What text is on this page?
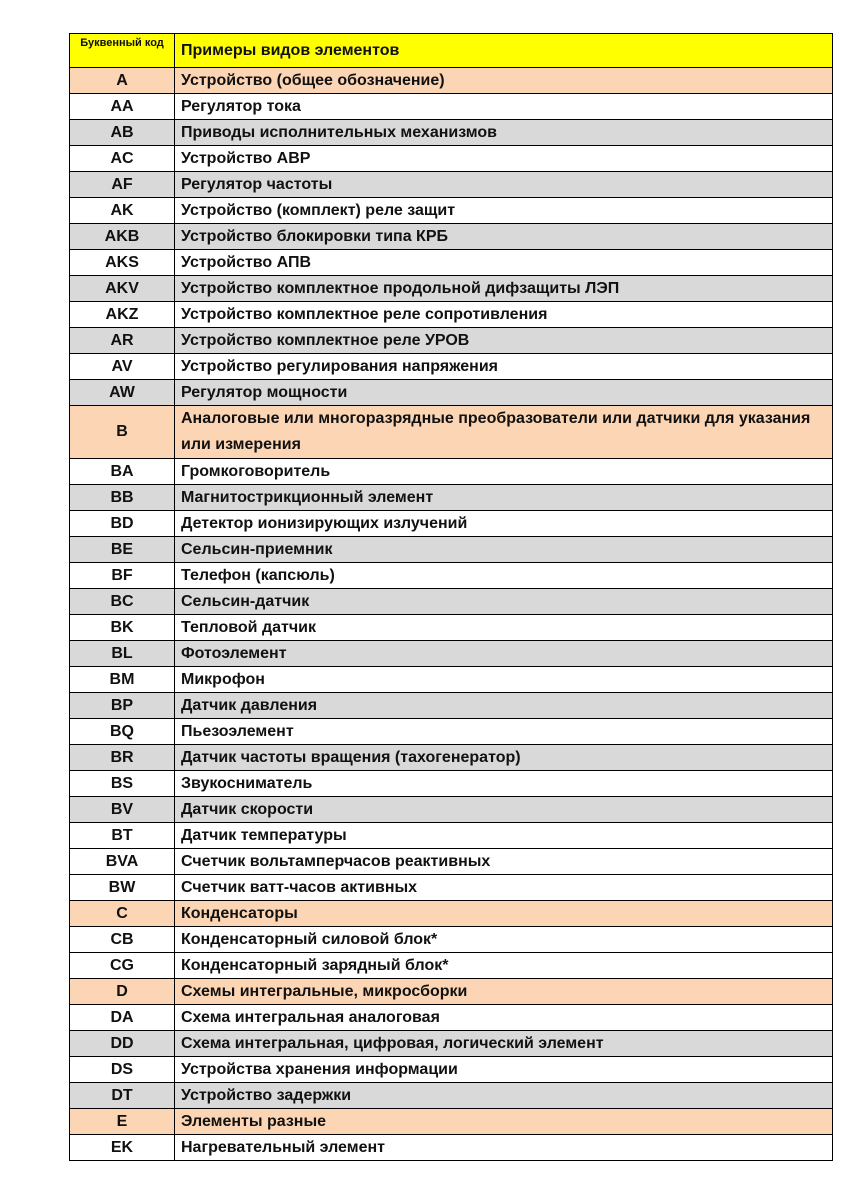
Буквенный код	Примеры видов элементов
A	Устройство (общее обозначение)
AA	Регулятор тока
AB	Приводы исполнительных механизмов
AC	Устройство АВР
AF	Регулятор частоты
AK	Устройство (комплект) реле защит
AKB	Устройство блокировки типа КРБ
AKS	Устройство АПВ
AKV	Устройство комплектное продольной дифзащиты ЛЭП
AKZ	Устройство комплектное реле сопротивления
AR	Устройство комплектное реле УРОВ
AV	Устройство регулирования напряжения
AW	Регулятор мощности
B	Аналоговые или многоразрядные преобразователи или датчики для указания или измерения
BA	Громкоговоритель
BB	Магнитострикционный элемент
BD	Детектор ионизирующих излучений
BE	Сельсин-приемник
BF	Телефон (капсюль)
BC	Сельсин-датчик
BK	Тепловой датчик
BL	Фотоэлемент
BM	Микрофон
BP	Датчик давления
BQ	Пьезоэлемент
BR	Датчик частоты вращения (тахогенератор)
BS	Звукосниматель
BV	Датчик скорости
BT	Датчик температуры
BVA	Счетчик вольтамперчасов реактивных
BW	Счетчик ватт-часов активных
C	Конденсаторы
CB	Конденсаторный силовой блок*
CG	Конденсаторный зарядный блок*
D	Схемы интегральные, микросборки
DA	Схема интегральная аналоговая
DD	Схема интегральная, цифровая, логический элемент
DS	Устройства хранения информации
DT	Устройство задержки
E	Элементы разные
EK	Нагревательный элемент
